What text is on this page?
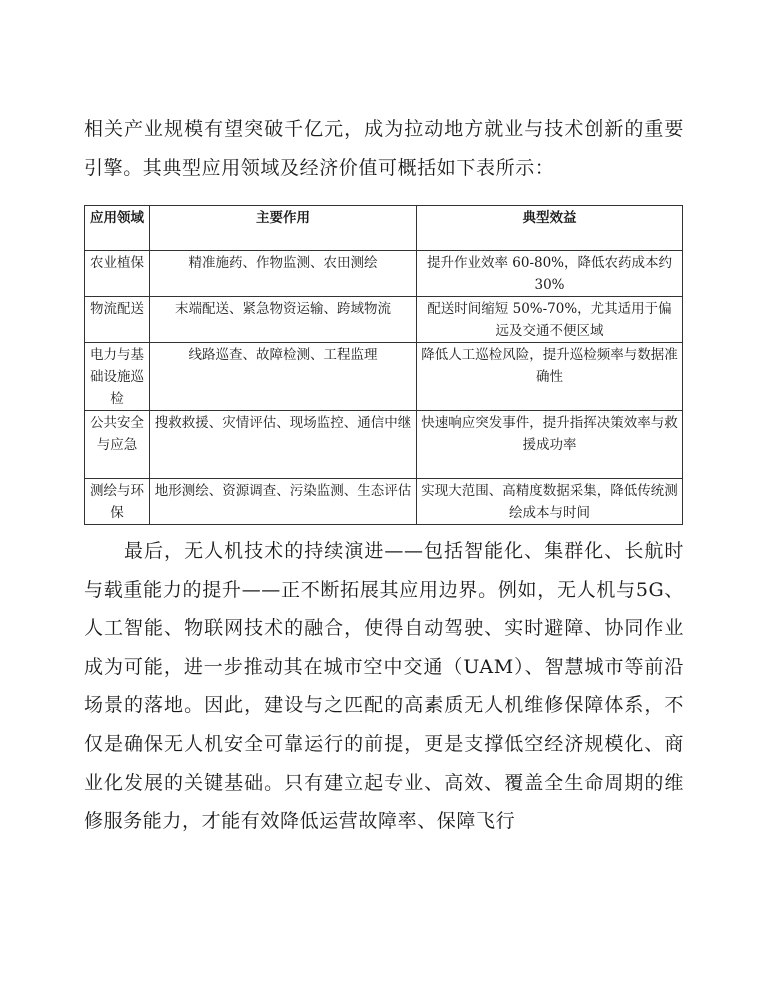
相关产业规模有望突破千亿元，成为拉动地方就业与技术创新的重要引擎。其典型应用领域及经济价值可概括如下表所示：

应用领域	主要作用	典型效益
农业植保	精准施药、作物监测、农田测绘	提升作业效率 60-80%，降低农药成本约 30%
物流配送	末端配送、紧急物资运输、跨域物流	配送时间缩短 50%-70%，尤其适用于偏远及交通不便区域
电力与基础设施巡检	线路巡查、故障检测、工程监理	降低人工巡检风险，提升巡检频率与数据准确性
公共安全与应急	搜救救援、灾情评估、现场监控、通信中继	快速响应突发事件，提升指挥决策效率与救援成功率
测绘与环保	地形测绘、资源调查、污染监测、生态评估	实现大范围、高精度数据采集，降低传统测绘成本与时间

最后，无人机技术的持续演进——包括智能化、集群化、长航时与载重能力的提升——正不断拓展其应用边界。例如，无人机与5G、人工智能、物联网技术的融合，使得自动驾驶、实时避障、协同作业成为可能，进一步推动其在城市空中交通（UAM）、智慧城市等前沿场景的落地。因此，建设与之匹配的高素质无人机维修保障体系，不仅是确保无人机安全可靠运行的前提，更是支撑低空经济规模化、商业化发展的关键基础。只有建立起专业、高效、覆盖全生命周期的维修服务能力，才能有效降低运营故障率、保障飞行
